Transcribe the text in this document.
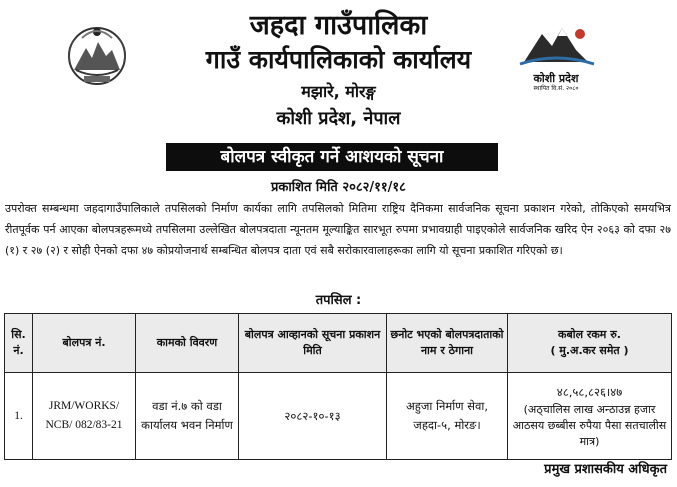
कोशी प्रदेश
स्थापित वि.सं. २०८०
जहदा गाउँपालिका
गाउँ कार्यपालिकाको कार्यालय
मझारे, मोरङ्ग
कोशी प्रदेश, नेपाल
बोलपत्र स्वीकृत गर्ने आशयको सूचना
प्रकाशित मिति २०८२/११/१८
उपरोक्त सम्बन्धमा जहदागाउँपालिकाले तपसिलको निर्माण कार्यका लागि तपसिलको मितिमा राष्ट्रिय दैनिकमा सार्वजनिक सूचना प्रकाशन गरेको, तोकिएको समयभित्र रीतपूर्वक पर्न आएका बोलपत्रहरूमध्ये तपसिलमा उल्लेखित बोलपत्रदाता न्यूनतम मूल्याङ्कित सारभूत रुपमा प्रभावग्राही पाइएकोले सार्वजनिक खरिद ऐन २०६३ को दफा २७ (१) र २७ (२) र सोही ऐनको दफा ४७ कोप्रयोजनार्थ सम्बन्धित बोलपत्र दाता एवं सबै सरोकारवालाहरूका लागि यो सूचना प्रकाशित गरिएको छ।
तपसिल :
सि. नं.	बोलपत्र नं.	कामको विवरण	बोलपत्र आव्हानको सूचना प्रकाशन मिति	छनोट भएको बोलपत्रदाताको नाम र ठेगाना	कबोल रकम रु.
( मु.अ.कर समेत )
1.	JRM/WORKS/ NCB/ 082/83-21	वडा नं.७ को वडा कार्यालय भवन निर्माण	२०८२-१०-१३	अहुजा निर्माण सेवा, जहदा-५, मोरङ।	४८,५८,८२६।४७
(अठ्चालिस लाख अन्ठाउन्न हजार आठसय छब्बीस रुपैया पैसा सतचालीस मात्र)
प्रमुख प्रशासकीय अधिकृत
